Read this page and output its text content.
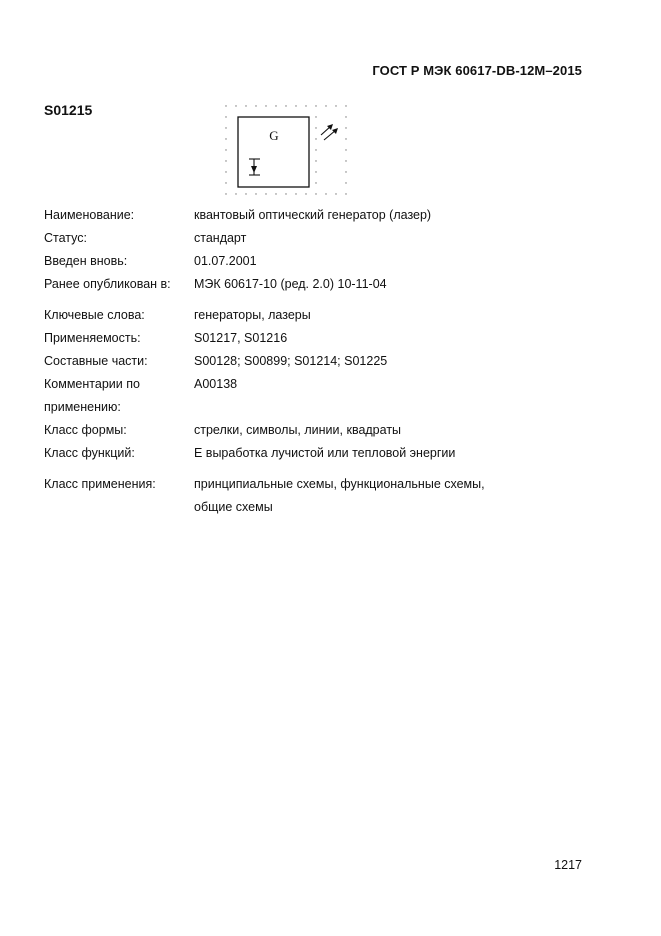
ГОСТ Р МЭК 60617-DB-12M–2015
S01215
G
Наименование:	квантовый оптический генератор (лазер)
Статус:	стандарт
Введен вновь:	01.07.2001
Ранее опубликован в:	МЭК 60617-10 (ред. 2.0) 10-11-04
Ключевые слова:	генераторы, лазеры
Применяемость:	S01217, S01216
Составные части:	S00128; S00899; S01214; S01225
Комментарии по	A00138
применению:
Класс формы:	стрелки, символы, линии, квадраты
Класс функций:	E выработка лучистой или тепловой энергии
Класс применения:	принципиальные схемы, функциональные схемы,
общие схемы
1217
